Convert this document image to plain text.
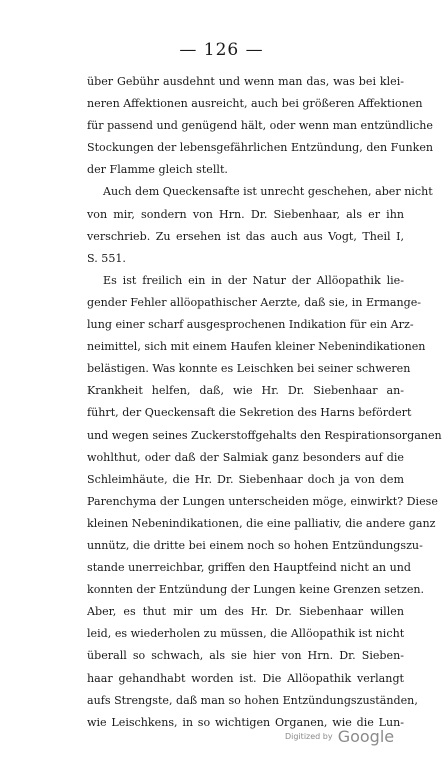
— 126 —
über Gebühr ausdehnt und wenn man das, was bei klei-
neren Affektionen ausreicht, auch bei größeren Affektionen
für passend und genügend hält, oder wenn man entzündliche
Stockungen der lebensgefährlichen Entzündung, den Funken
der Flamme gleich stellt.
Auch dem Queckensafte ist unrecht geschehen, aber nicht
von mir, sondern von Hrn. Dr. Siebenhaar, als er ihn
verschrieb. Zu ersehen ist das auch aus Vogt, Theil I,
S. 551.
Es ist freilich ein in der Natur der Allöopathik lie-
gender Fehler allöopathischer Aerzte, daß sie, in Ermange-
lung einer scharf ausgesprochenen Indikation für ein Arz-
neimittel, sich mit einem Haufen kleiner Nebenindikationen
belästigen. Was konnte es Leischken bei seiner schweren
Krankheit helfen, daß, wie Hr. Dr. Siebenhaar an-
führt, der Queckensaft die Sekretion des Harns befördert
und wegen seines Zuckerstoffgehalts den Respirationsorganen
wohlthut, oder daß der Salmiak ganz besonders auf die
Schleimhäute, die Hr. Dr. Siebenhaar doch ja von dem
Parenchyma der Lungen unterscheiden möge, einwirkt? Diese
kleinen Nebenindikationen, die eine palliativ, die andere ganz
unnütz, die dritte bei einem noch so hohen Entzündungszu-
stande unerreichbar, griffen den Hauptfeind nicht an und
konnten der Entzündung der Lungen keine Grenzen setzen.
Aber, es thut mir um des Hr. Dr. Siebenhaar willen
leid, es wiederholen zu müssen, die Allöopathik ist nicht
überall so schwach, als sie hier von Hrn. Dr. Sieben-
haar gehandhabt worden ist. Die Allöopathik verlangt
aufs Strengste, daß man so hohen Entzündungszuständen,
wie Leischkens, in so wichtigen Organen, wie die Lun-
Digitized by Google
